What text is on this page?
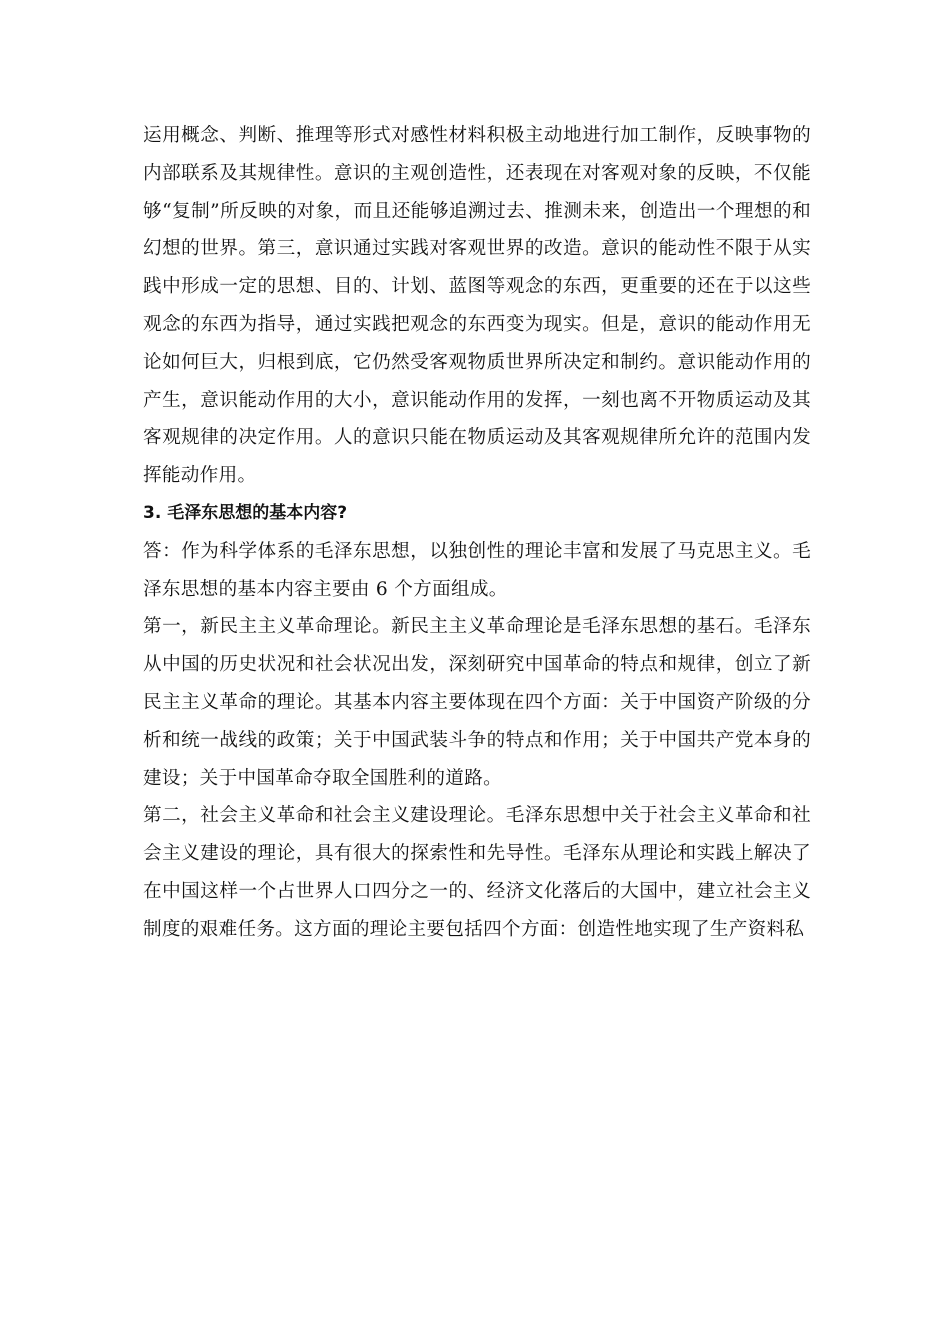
运用概念、判断、推理等形式对感性材料积极主动地进行加工制作，反映事物的内部联系及其规律性。意识的主观创造性，还表现在对客观对象的反映，不仅能够“复制”所反映的对象，而且还能够追溯过去、推测未来，创造出一个理想的和幻想的世界。第三，意识通过实践对客观世界的改造。意识的能动性不限于从实践中形成一定的思想、目的、计划、蓝图等观念的东西，更重要的还在于以这些观念的东西为指导，通过实践把观念的东西变为现实。但是，意识的能动作用无论如何巨大，归根到底，它仍然受客观物质世界所决定和制约。意识能动作用的产生，意识能动作用的大小，意识能动作用的发挥，一刻也离不开物质运动及其客观规律的决定作用。人的意识只能在物质运动及其客观规律所允许的范围内发挥能动作用。

3. 毛泽东思想的基本内容?

答：作为科学体系的毛泽东思想，以独创性的理论丰富和发展了马克思主义。毛泽东思想的基本内容主要由 6 个方面组成。

第一，新民主主义革命理论。新民主主义革命理论是毛泽东思想的基石。毛泽东从中国的历史状况和社会状况出发，深刻研究中国革命的特点和规律，创立了新民主主义革命的理论。其基本内容主要体现在四个方面：关于中国资产阶级的分析和统一战线的政策；关于中国武装斗争的特点和作用；关于中国共产党本身的建设；关于中国革命夺取全国胜利的道路。

第二，社会主义革命和社会主义建设理论。毛泽东思想中关于社会主义革命和社会主义建设的理论，具有很大的探索性和先导性。毛泽东从理论和实践上解决了在中国这样一个占世界人口四分之一的、经济文化落后的大国中，建立社会主义制度的艰难任务。这方面的理论主要包括四个方面：创造性地实现了生产资料私
